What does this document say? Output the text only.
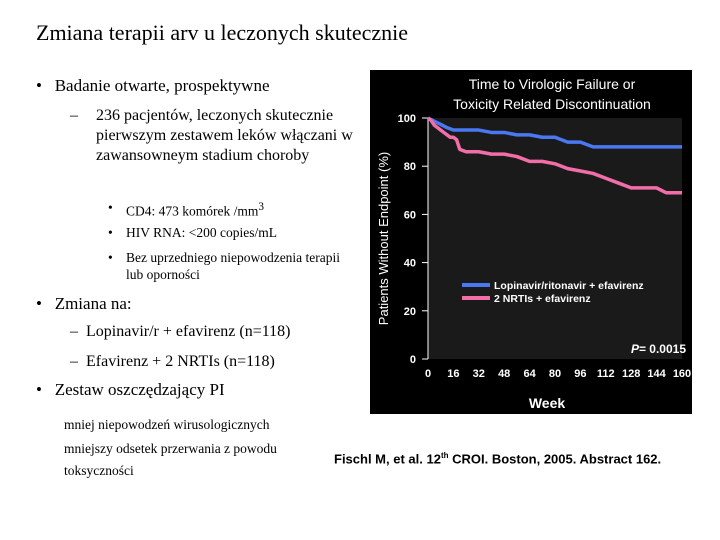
Zmiana terapii arv u leczonych skutecznie
• Badanie otwarte, prospektywne
–	236 pacjentów, leczonych skutecznie pierwszym zestawem leków włączani w zawansowneym stadium choroby
• CD4: 473 komórek $/mm^3$
• HIV RNA: <200 copies/mL
• Bez uprzedniego niepowodzenia terapii lub oporności
• Zmiana na:
– Lopinavir/r + efavirenz (n=118)
– Efavirenz + 2 NRTIs (n=118)
• Zestaw oszczędzający PI
mniej niepowodzeń wirusologicznych
mniejszy odsetek przerwania z powodu toksyczności
Fischl M, et al. 12th CROI. Boston, 2005. Abstract 162.
Time to Virologic Failure or
Toxicity Related Discontinuation
Patients Without Endpoint (%)
Week
0
20
40
60
80
100
0 16 32 48 64 80 96 112 128 144 160
Lopinavir/ritonavir + efavirenz
2 NRTIs + efavirenz
P= 0.0015
